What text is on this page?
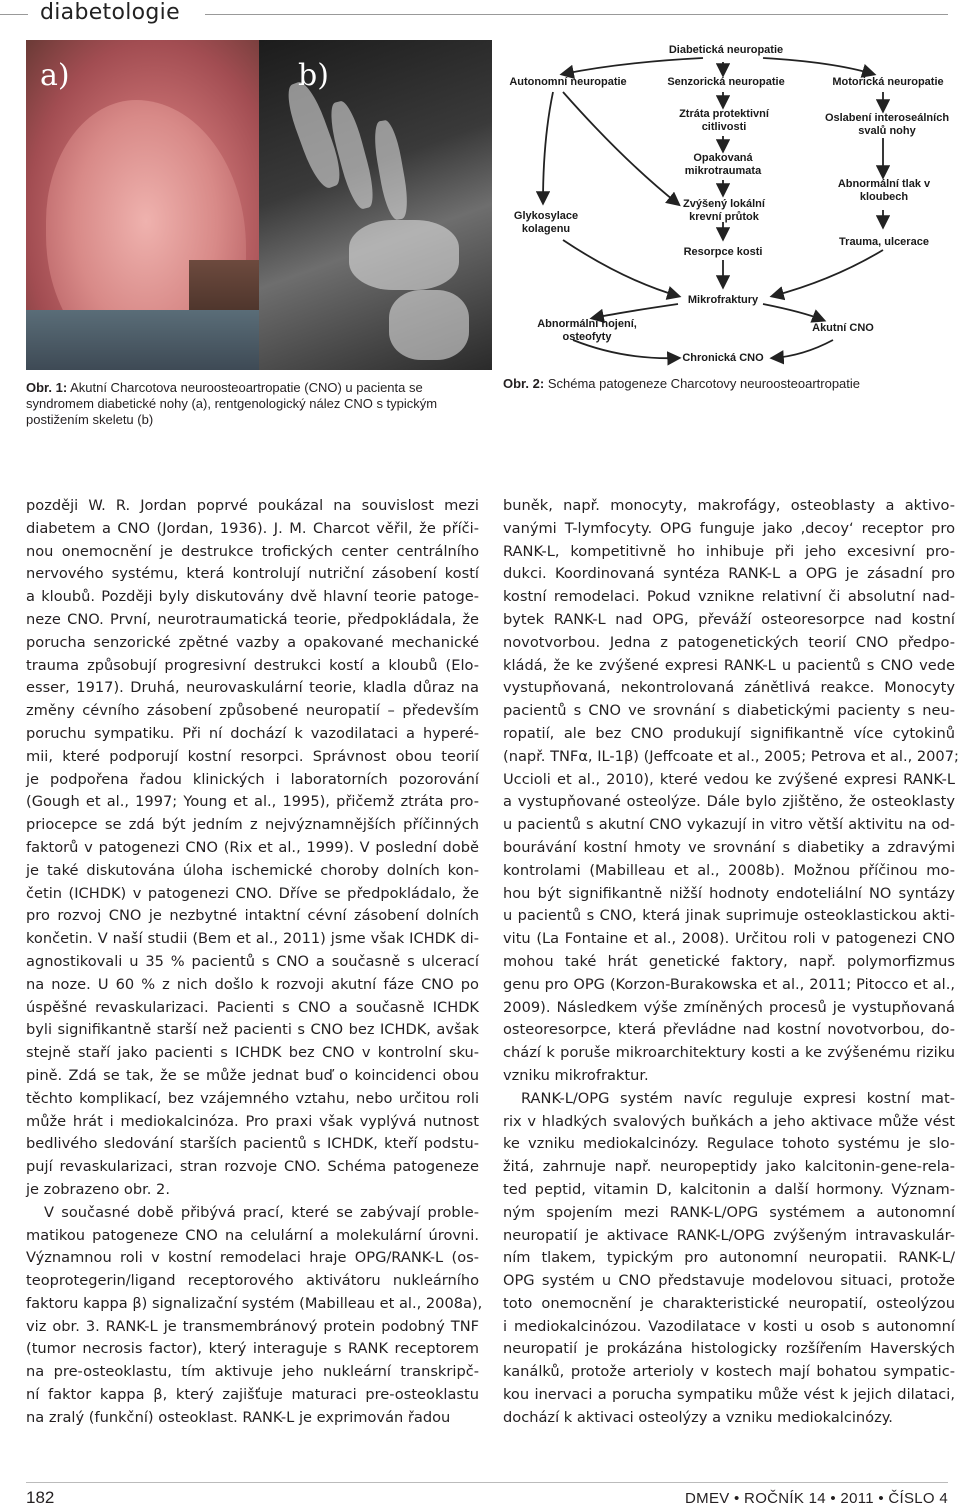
diabetologie
a)	b)
Diabetická neuropatie
Autonomní neuropatie	Senzorická neuropatie	Motorická neuropatie
Ztráta protektivní citlivosti
Oslabení interoseálních svalů nohy
Opakovaná mikrotraumata
Abnormální tlak v kloubech
Glykosylace kolagenu
Zvýšený lokální krevní průtok
Trauma, ulcerace
Resorpce kosti
Mikrofraktury
Abnormální hojení, osteofyty
Akutní CNO
Chronická CNO
Obr. 1: Akutní Charcotova neuroosteoartropatie (CNO) u pacienta se syndromem diabetické nohy (a), rentgenologický nález CNO s typickým postižením skeletu (b)
Obr. 2: Schéma patogeneze Charcotovy neuroosteoartropatie
později W. R. Jordan poprvé poukázal na souvislost mezi
diabetem a CNO (Jordan, 1936). J. M. Charcot věřil, že příči-
nou onemocnění je destrukce trofických center centrálního
nervového systému, která kontrolují nutriční zásobení kostí
a kloubů. Později byly diskutovány dvě hlavní teorie patoge-
neze CNO. První, neurotraumatická teorie, předpokládala, že
porucha senzorické zpětné vazby a opakované mechanické
trauma způsobují progresivní destrukci kostí a kloubů (Elo-
esser, 1917). Druhá, neurovaskulární teorie, kladla důraz na
změny cévního zásobení způsobené neuropatií – především
poruchu sympatiku. Při ní dochází k vazodilataci a hyperé-
mii, které podporují kostní resorpci. Správnost obou teorií
je podpořena řadou klinických i laboratorních pozorování
(Gough et al., 1997; Young et al., 1995), přičemž ztráta pro-
priocepce se zdá být jedním z nejvýznamnějších příčinných
faktorů v patogenezi CNO (Rix et al., 1999). V poslední době
je také diskutována úloha ischemické choroby dolních kon-
četin (ICHDK) v patogenezi CNO. Dříve se předpokládalo, že
pro rozvoj CNO je nezbytné intaktní cévní zásobení dolních
končetin. V naší studii (Bem et al., 2011) jsme však ICHDK di-
agnostikovali u 35 % pacientů s CNO a současně s ulcerací
na noze. U 60 % z nich došlo k rozvoji akutní fáze CNO po
úspěšné revaskularizaci. Pacienti s CNO a současně ICHDK
byli signifikantně starší než pacienti s CNO bez ICHDK, avšak
stejně staří jako pacienti s ICHDK bez CNO v kontrolní sku-
pině. Zdá se tak, že se může jednat buď o koincidenci obou
těchto komplikací, bez vzájemného vztahu, nebo určitou roli
může hrát i mediokalcinóza. Pro praxi však vyplývá nutnost
bedlivého sledování starších pacientů s ICHDK, kteří podstu-
pují revaskularizaci, stran rozvoje CNO. Schéma patogeneze
je zobrazeno obr. 2.
V současné době přibývá prací, které se zabývají proble-
matikou patogeneze CNO na celulární a molekulární úrovni.
Významnou roli v kostní remodelaci hraje OPG/RANK-L (os-
teoprotegerin/ligand receptorového aktivátoru nukleárního
faktoru kappa β) signalizační systém (Mabilleau et al., 2008a),
viz obr. 3. RANK-L je transmembránový protein podobný TNF
(tumor necrosis factor), který interaguje s RANK receptorem
na pre-osteoklastu, tím aktivuje jeho nukleární transkripč-
ní faktor kappa β, který zajišťuje maturaci pre-osteoklastu
na zralý (funkční) osteoklast. RANK-L je exprimován řadou
buněk, např. monocyty, makrofágy, osteoblasty a aktivo-
vanými T-lymfocyty. OPG funguje jako ‚decoy‘ receptor pro
RANK-L, kompetitivně ho inhibuje při jeho excesivní pro-
dukci. Koordinovaná syntéza RANK-L a OPG je zásadní pro
kostní remodelaci. Pokud vznikne relativní či absolutní nad-
bytek RANK-L nad OPG, převáží osteoresorpce nad kostní
novotvorbou. Jedna z patogenetických teorií CNO předpo-
kládá, že ke zvýšené expresi RANK-L u pacientů s CNO vede
vystupňovaná, nekontrolovaná zánětlivá reakce. Monocyty
pacientů s CNO ve srovnání s diabetickými pacienty s neu-
ropatií, ale bez CNO produkují signifikantně více cytokinů
(např. TNFα, IL-1β) (Jeffcoate et al., 2005; Petrova et al., 2007;
Uccioli et al., 2010), které vedou ke zvýšené expresi RANK-L
a vystupňované osteolýze. Dále bylo zjištěno, že osteoklasty
u pacientů s akutní CNO vykazují in vitro větší aktivitu na od-
bourávání kostní hmoty ve srovnání s diabetiky a zdravými
kontrolami (Mabilleau et al., 2008b). Možnou příčinou mo-
hou být signifikantně nižší hodnoty endoteliální NO syntázy
u pacientů s CNO, která jinak suprimuje osteoklastickou akti-
vitu (La Fontaine et al., 2008). Určitou roli v patogenezi CNO
mohou také hrát genetické faktory, např. polymorfizmus
genu pro OPG (Korzon-Burakowska et al., 2011; Pitocco et al.,
2009). Následkem výše zmíněných procesů je vystupňovaná
osteoresorpce, která převládne nad kostní novotvorbou, do-
chází k poruše mikroarchitektury kosti a ke zvýšenému riziku
vzniku mikrofraktur.
RANK-L/OPG systém navíc reguluje expresi kostní mat-
rix v hladkých svalových buňkách a jeho aktivace může vést
ke vzniku mediokalcinózy. Regulace tohoto systému je slo-
žitá, zahrnuje např. neuropeptidy jako kalcitonin-gene-rela-
ted peptid, vitamin D, kalcitonin a další hormony. Význam-
ným spojením mezi RANK-L/OPG systémem a autonomní
neuropatií je aktivace RANK-L/OPG zvýšeným intravaskulár-
ním tlakem, typickým pro autonomní neuropatii. RANK-L/
OPG systém u CNO představuje modelovou situaci, protože
toto onemocnění je charakteristické neuropatií, osteolýzou
i mediokalcinózou. Vazodilatace v kosti u osob s autonomní
neuropatií je prokázána histologicky rozšířením Haverských
kanálků, protože arterioly v kostech mají bohatou sympatic-
kou inervaci a porucha sympatiku může vést k jejich dilataci,
dochází k aktivaci osteolýzy a vzniku mediokalcinózy.
182	DMEV • ROČNÍK 14 • 2011 • ČÍSLO 4
